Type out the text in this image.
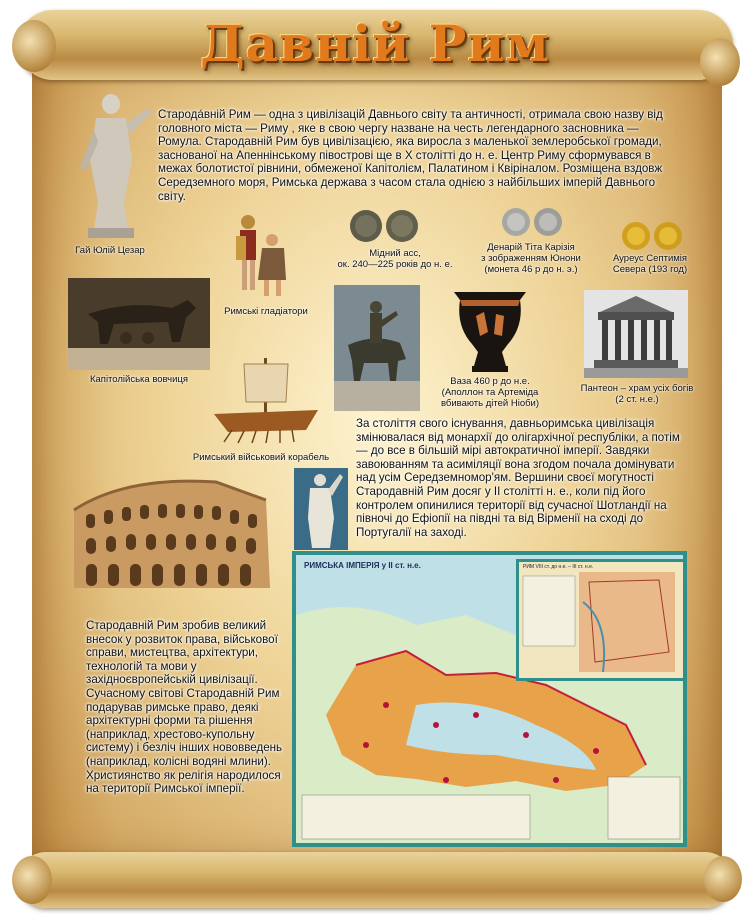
Давній Рим
Гай Юлій Цезар
Стародáвній Рим — одна з цивілізацій Давнього світу та античності, отримала свою назву від головного міста — Риму , яке в свою чергу назване на честь легендарного засновника — Ромула. Стародавній Рим був цивілізацією, яка виросла з маленької землеробської громади, заснованої на Апеннінському півострові ще в X столітті до н. е. Центр Риму сформувався в межах болотистої рівнини, обмеженої Капітолієм, Палатином і Квіріналом. Розміщена вздовж Середземного моря, Римська держава з часом стала однією з найбільших імперій Давнього світу.
Римські гладіатори
Мідний асс,
ок. 240—225 років до н. е.
Денарій Тіта Карізія
з зображенням Юнони
(монета 46 р до н. э.)
Ауреус Септимія
Севера (193 год)
Капітолійська вовчиця	Ваза 460 р до н.е.
(Аполлон та Артеміда
вбивають дітей Ніоби)
Пантеон – храм усіх богів
(2 ст. н.е.)
Римський військовий корабель
За століття свого існування, давньоримська цивілізація змінювалася від монархії до олігархічної республіки, а потім — до все в більшій мірі автократичної імперії. Завдяки завоюванням та асиміляції вона згодом почала домінувати над усім Середземномор'ям. Вершини своєї могутності Стародавній Рим досяг у II столітті н. е., коли під його контролем опинилися території від сучасної Шотландії на півночі до Ефіопії на півдні та від Вірменії на сході до Португалії на заході.
Стародавній Рим зробив великий внесок у розвиток права, військової справи, мистецтва, архітектури, технологій та мови у західноєвропейській цивілізації. Сучасному світові Стародавній Рим подарував римське право, деякі архітектурні форми та рішення (наприклад, хрестово-купольну систему) і безліч інших нововведень (наприклад, колісні водяні млини). Християнство як релігія народилося на території Римської імперії.
РИМСЬКА ІМПЕРІЯ у ІІ ст. н.е.	РИМ VIII ст. до н.е. – ІІІ ст. н.е.
